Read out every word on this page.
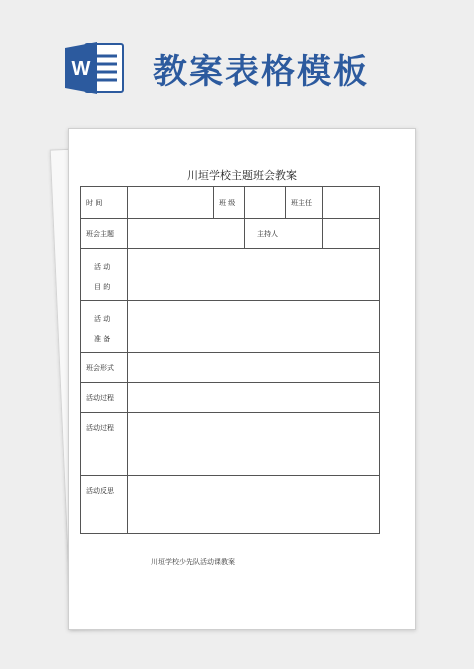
W 教案表格模板
川垣学校主题班会教案
时 间		班 级		班主任	
班会主题			主持人		

活 动
目 的					

活 动
准 备					

班会形式					
活动过程					
活动过程					
活动反思					
川垣学校少先队活动课教案
